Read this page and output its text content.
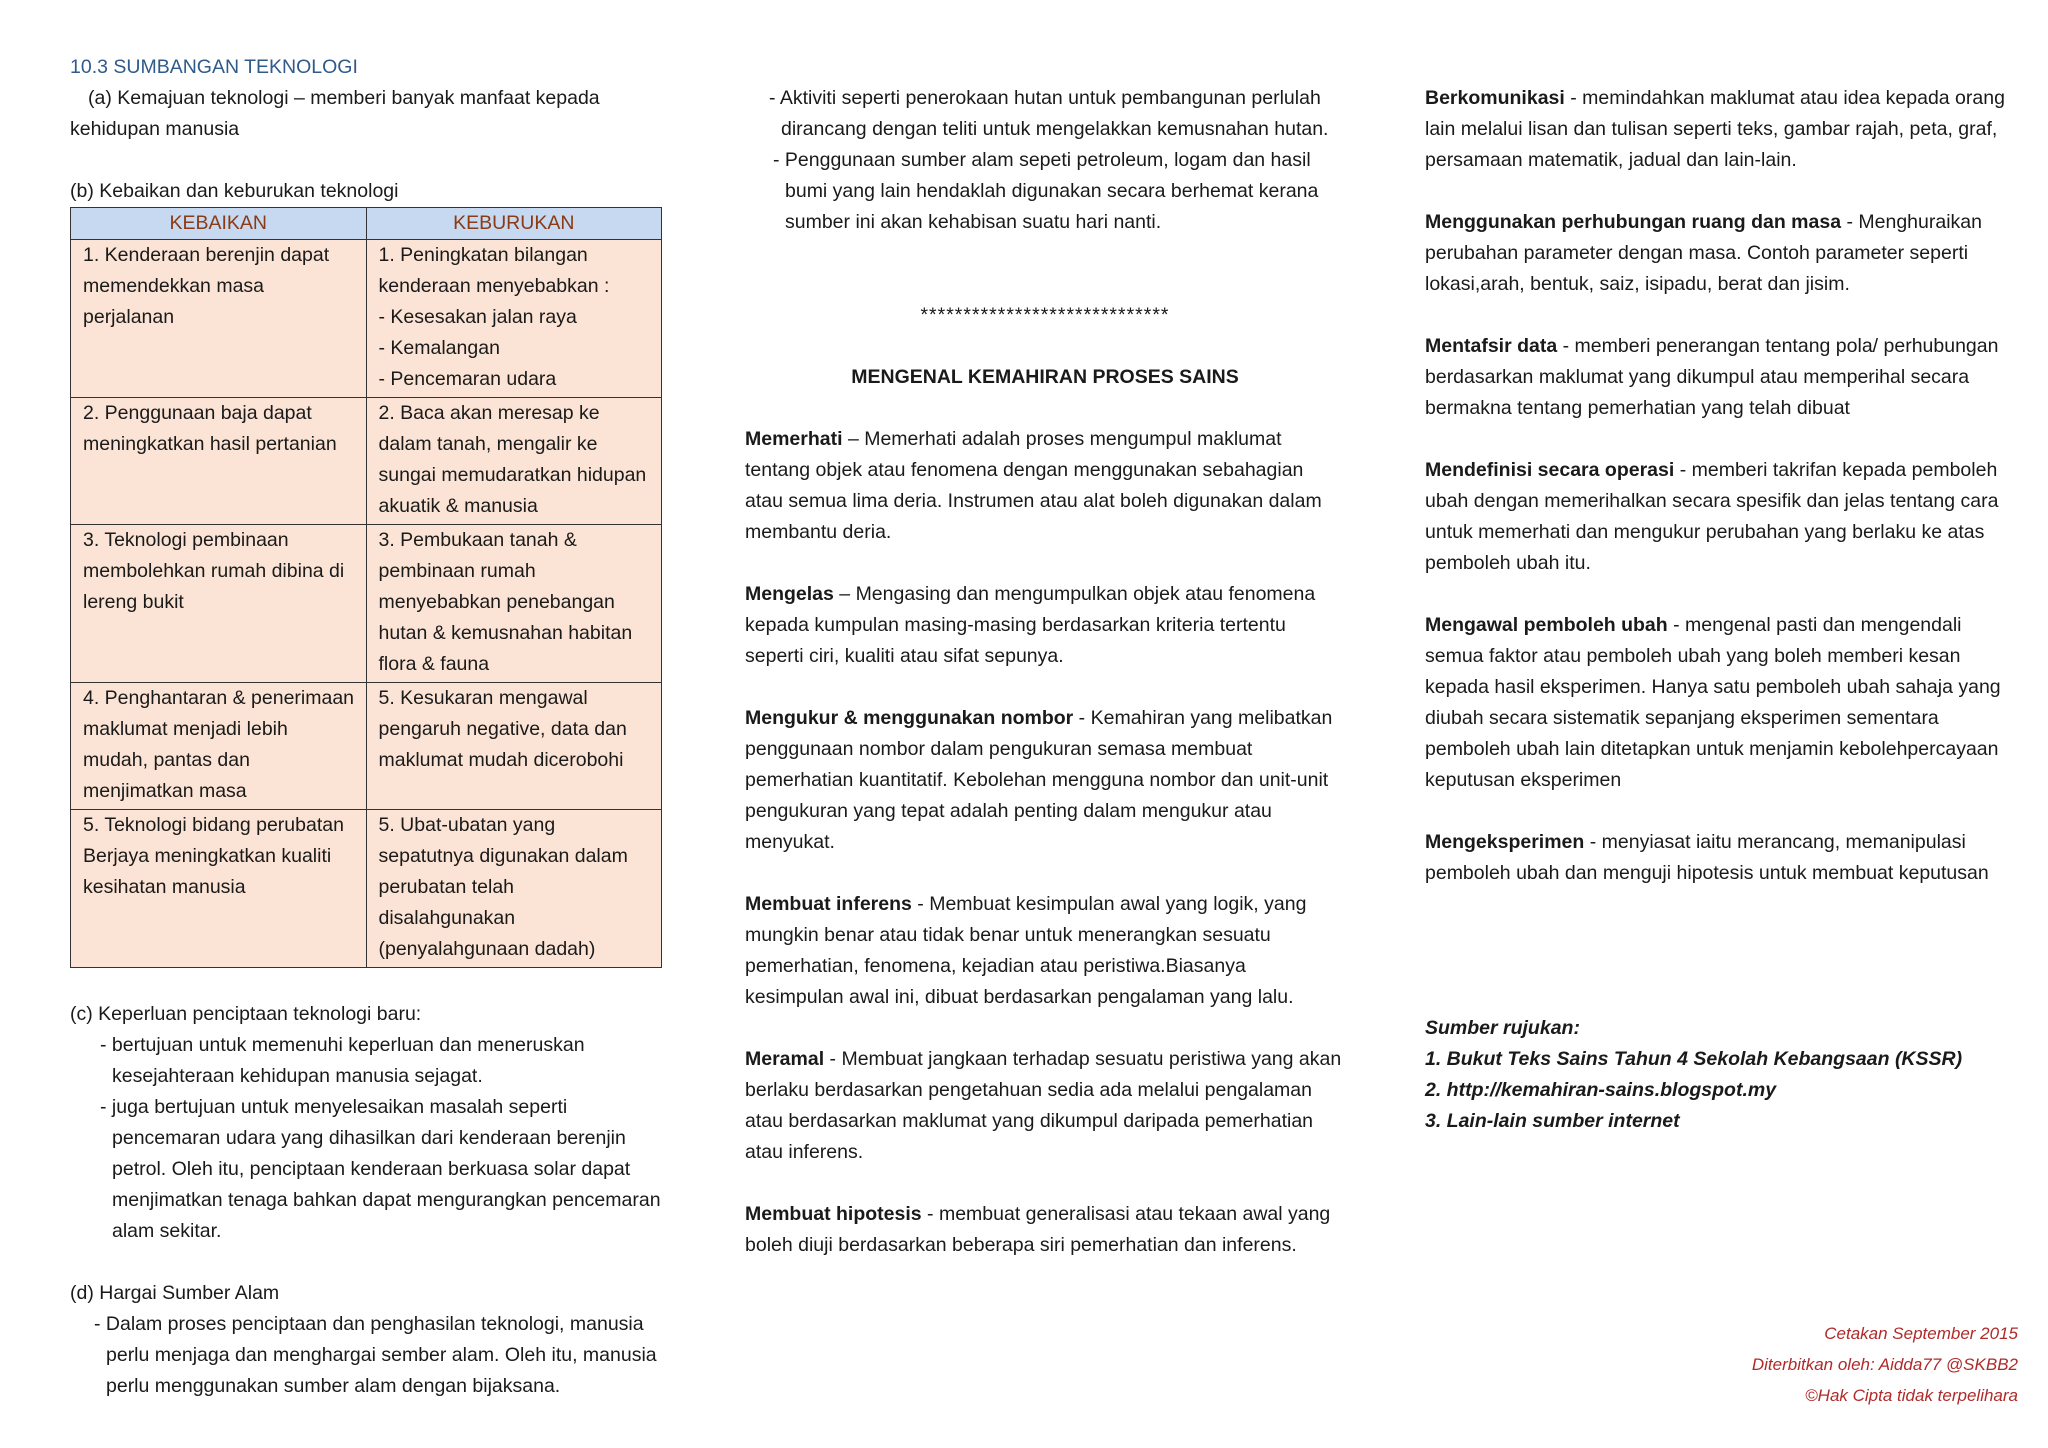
10.3 SUMBANGAN TEKNOLOGI

(a) Kemajuan teknologi – memberi banyak manfaat kepada

kehidupan manusia

(b) Kebaikan dan keburukan teknologi

KEBAIKAN	KEBURUKAN
1. Kenderaan berenjin dapat memendekkan masa perjalanan	1. Peningkatan bilangan kenderaan menyebabkan :
- Kesesakan jalan raya
- Kemalangan
- Pencemaran udara

2. Penggunaan baja dapat meningkatkan hasil pertanian	2. Baca akan meresap ke dalam tanah, mengalir ke sungai memudaratkan hidupan akuatik & manusia
3. Teknologi pembinaan membolehkan rumah dibina di lereng bukit	3. Pembukaan tanah & pembinaan rumah menyebabkan penebangan hutan & kemusnahan habitan flora & fauna
4. Penghantaran & penerimaan maklumat menjadi lebih mudah, pantas dan menjimatkan masa	5. Kesukaran mengawal pengaruh negative, data dan maklumat mudah dicerobohi
5. Teknologi bidang perubatan Berjaya meningkatkan kualiti kesihatan manusia	5. Ubat-ubatan yang sepatutnya digunakan dalam perubatan telah disalahgunakan (penyalahgunaan dadah)

(c) Keperluan penciptaan teknologi baru:

- bertujuan untuk memenuhi keperluan dan meneruskan kesejahteraan kehidupan manusia sejagat.

- juga bertujuan untuk menyelesaikan masalah seperti pencemaran udara yang dihasilkan dari kenderaan berenjin petrol. Oleh itu, penciptaan kenderaan berkuasa solar dapat menjimatkan tenaga bahkan dapat mengurangkan pencemaran alam sekitar.

(d) Hargai Sumber Alam

- Dalam proses penciptaan dan penghasilan teknologi, manusia perlu menjaga dan menghargai sember alam. Oleh itu, manusia perlu menggunakan sumber alam dengan bijaksana.

- Aktiviti seperti penerokaan hutan untuk pembangunan perlulah dirancang dengan teliti untuk mengelakkan kemusnahan hutan.

- Penggunaan sumber alam sepeti petroleum, logam dan hasil bumi yang lain hendaklah digunakan secara berhemat kerana sumber ini akan kehabisan suatu hari nanti.

*****************************

MENGENAL KEMAHIRAN PROSES SAINS

Memerhati – Memerhati adalah proses mengumpul maklumat tentang objek atau fenomena dengan menggunakan sebahagian atau semua lima deria. Instrumen atau alat boleh digunakan dalam membantu deria.

Mengelas – Mengasing dan mengumpulkan objek atau fenomena kepada kumpulan masing-masing berdasarkan kriteria tertentu seperti ciri, kualiti atau sifat sepunya.

Mengukur & menggunakan nombor - Kemahiran yang melibatkan penggunaan nombor dalam pengukuran semasa membuat pemerhatian kuantitatif. Kebolehan mengguna nombor dan unit-unit pengukuran yang tepat adalah penting dalam mengukur atau menyukat.

Membuat inferens - Membuat kesimpulan awal yang logik, yang mungkin benar atau tidak benar untuk menerangkan sesuatu pemerhatian, fenomena, kejadian atau peristiwa.Biasanya kesimpulan awal ini, dibuat berdasarkan pengalaman yang lalu.

Meramal - Membuat jangkaan terhadap sesuatu peristiwa yang akan berlaku berdasarkan pengetahuan sedia ada melalui pengalaman atau berdasarkan maklumat yang dikumpul daripada pemerhatian atau inferens.

Membuat hipotesis - membuat generalisasi atau tekaan awal yang boleh diuji berdasarkan beberapa siri pemerhatian dan inferens.

Berkomunikasi - memindahkan maklumat atau idea kepada orang lain melalui lisan dan tulisan seperti teks, gambar rajah, peta, graf, persamaan matematik, jadual dan lain-lain.

Menggunakan perhubungan ruang dan masa - Menghuraikan perubahan parameter dengan masa. Contoh parameter seperti lokasi,arah, bentuk, saiz, isipadu, berat dan jisim.

Mentafsir data - memberi penerangan tentang pola/ perhubungan berdasarkan maklumat yang dikumpul atau memperihal secara bermakna tentang pemerhatian yang telah dibuat

Mendefinisi secara operasi - memberi takrifan kepada pemboleh ubah dengan memerihalkan secara spesifik dan jelas tentang cara untuk memerhati dan mengukur perubahan yang berlaku ke atas pemboleh ubah itu.

Mengawal pemboleh ubah - mengenal pasti dan mengendali semua faktor atau pemboleh ubah yang boleh memberi kesan kepada hasil eksperimen. Hanya satu pemboleh ubah sahaja yang diubah secara sistematik sepanjang eksperimen sementara pemboleh ubah lain ditetapkan untuk menjamin kebolehpercayaan keputusan eksperimen

Mengeksperimen - menyiasat iaitu merancang, memanipulasi pemboleh ubah dan menguji hipotesis untuk membuat keputusan

Sumber rujukan:

1. Bukut Teks Sains Tahun 4 Sekolah Kebangsaan (KSSR)

2. http://kemahiran-sains.blogspot.my

3. Lain-lain sumber internet

Cetakan September 2015
Diterbitkan oleh: Aidda77 @SKBB2
©Hak Cipta tidak terpelihara
